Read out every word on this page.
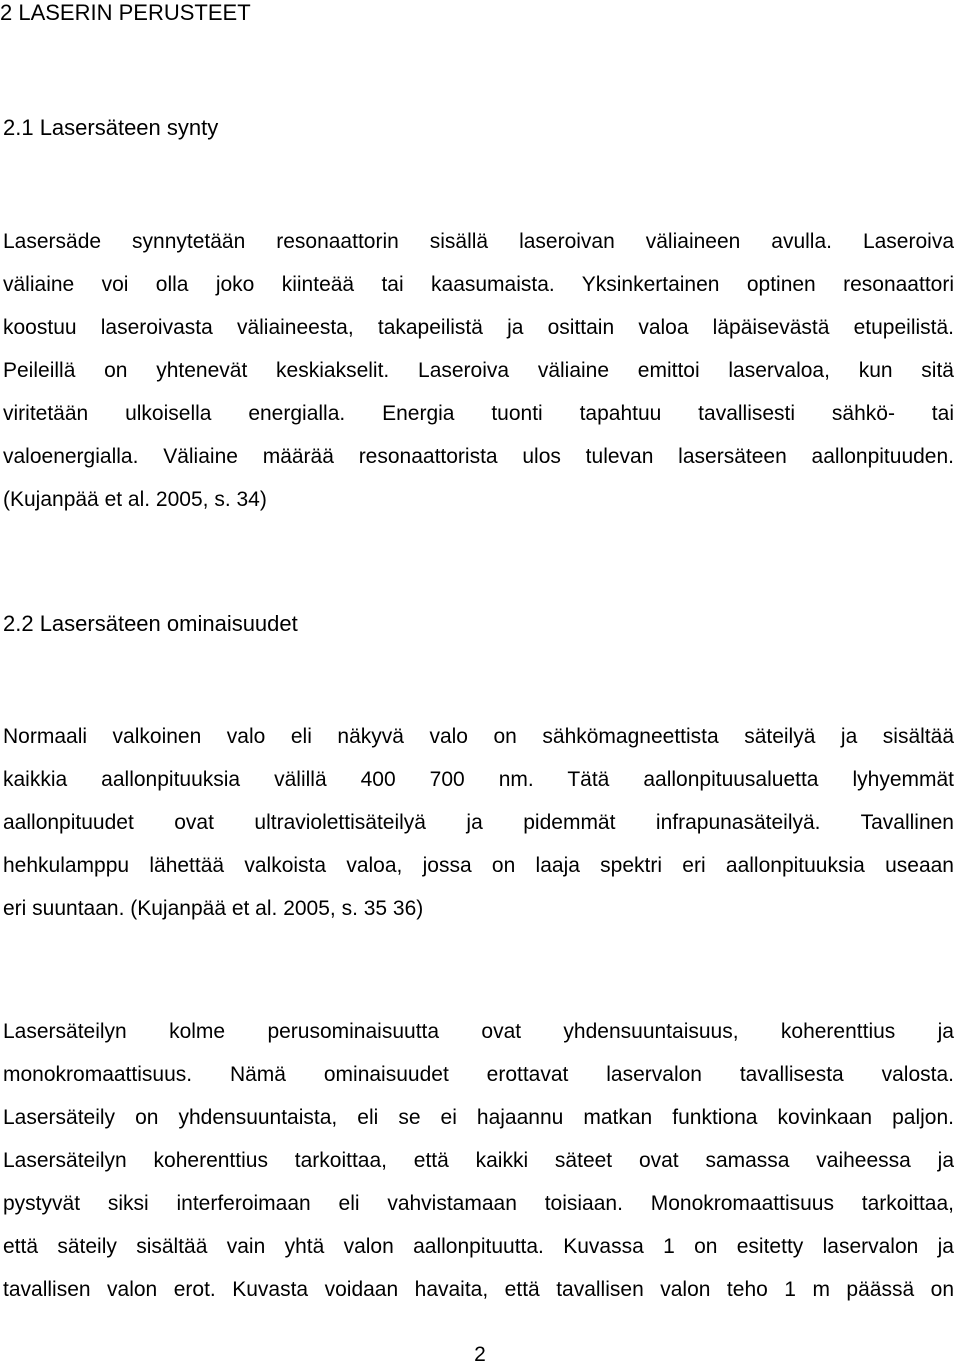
2 LASERIN PERUSTEET
2.1 Lasersäteen synty
Lasersäde synnytetään resonaattorin sisällä laseroivan väliaineen avulla. Laseroiva
väliaine voi olla joko kiinteää tai kaasumaista. Yksinkertainen optinen resonaattori
koostuu laseroivasta väliaineesta, takapeilistä ja osittain valoa läpäisevästä etupeilistä.
Peileillä on yhtenevät keskiakselit. Laseroiva väliaine emittoi laservaloa, kun sitä
viritetään ulkoisella energialla. Energia tuonti tapahtuu tavallisesti sähkö- tai
valoenergialla. Väliaine määrää resonaattorista ulos tulevan lasersäteen aallonpituuden.
(Kujanpää et al. 2005, s. 34)
2.2 Lasersäteen ominaisuudet
Normaali valkoinen valo eli näkyvä valo on sähkömagneettista säteilyä ja sisältää
kaikkia aallonpituuksia välillä 400 700 nm. Tätä aallonpituusaluetta lyhyemmät
aallonpituudet ovat ultraviolettisäteilyä ja pidemmät infrapunasäteilyä. Tavallinen
hehkulamppu lähettää valkoista valoa, jossa on laaja spektri eri aallonpituuksia useaan
eri suuntaan. (Kujanpää et al. 2005, s. 35 36)
Lasersäteilyn kolme perusominaisuutta ovat yhdensuuntaisuus, koherenttius ja
monokromaattisuus. Nämä ominaisuudet erottavat laservalon tavallisesta valosta.
Lasersäteily on yhdensuuntaista, eli se ei hajaannu matkan funktiona kovinkaan paljon.
Lasersäteilyn koherenttius tarkoittaa, että kaikki säteet ovat samassa vaiheessa ja
pystyvät siksi interferoimaan eli vahvistamaan toisiaan. Monokromaattisuus tarkoittaa,
että säteily sisältää vain yhtä valon aallonpituutta. Kuvassa 1 on esitetty laservalon ja
tavallisen valon erot. Kuvasta voidaan havaita, että tavallisen valon teho 1 m päässä on
2
